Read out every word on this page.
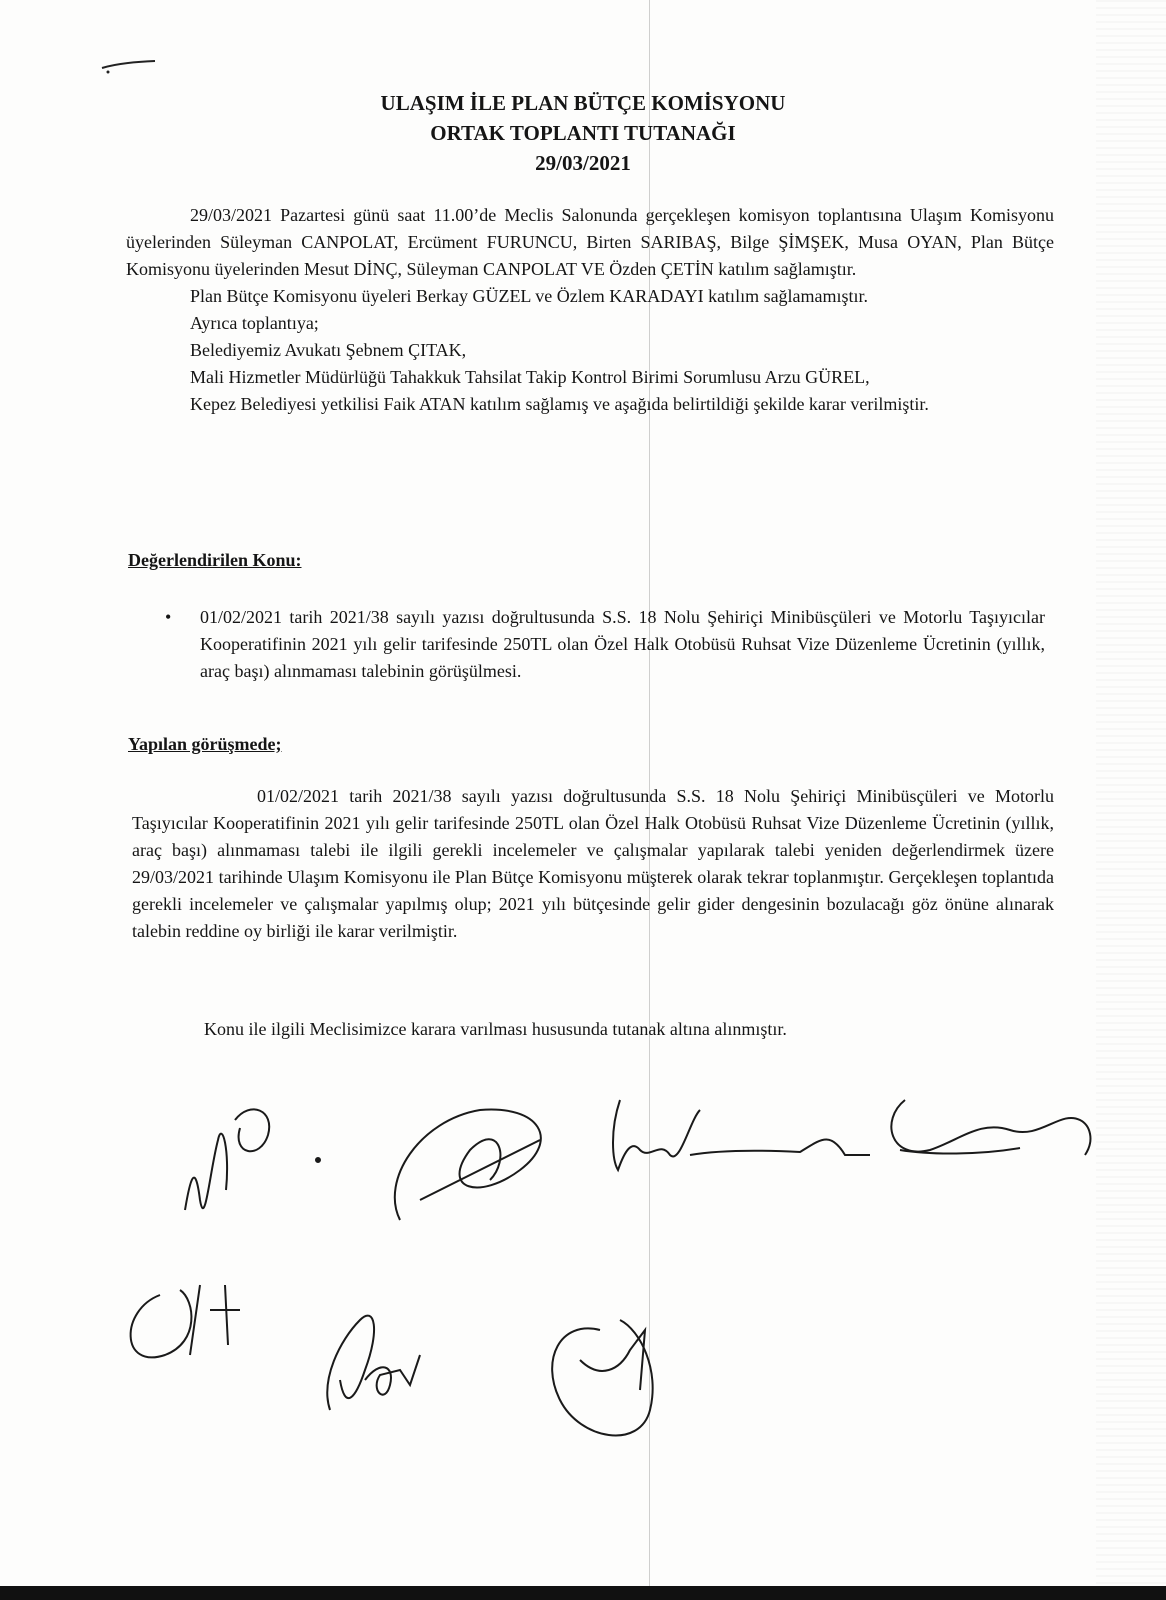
ULAŞIM İLE PLAN BÜTÇE KOMİSYONU
ORTAK TOPLANTI TUTANAĞI
29/03/2021

29/03/2021 Pazartesi günü saat 11.00’de Meclis Salonunda gerçekleşen komisyon toplantısına Ulaşım Komisyonu üyelerinden Süleyman CANPOLAT, Ercüment FURUNCU, Birten SARIBAŞ, Bilge ŞİMŞEK, Musa OYAN, Plan Bütçe Komisyonu üyelerinden Mesut DİNÇ, Süleyman CANPOLAT VE Özden ÇETİN katılım sağlamıştır.

Plan Bütçe Komisyonu üyeleri Berkay GÜZEL ve Özlem KARADAYI katılım sağlamamıştır.

Ayrıca toplantıya;

Belediyemiz Avukatı Şebnem ÇITAK,

Mali Hizmetler Müdürlüğü Tahakkuk Tahsilat Takip Kontrol Birimi Sorumlusu Arzu GÜREL,

Kepez Belediyesi yetkilisi Faik ATAN katılım sağlamış ve aşağıda belirtildiği şekilde karar verilmiştir.

Değerlendirilen Konu:
•	01/02/2021 tarih 2021/38 sayılı yazısı doğrultusunda S.S. 18 Nolu Şehiriçi Minibüsçüleri ve Motorlu Taşıyıcılar Kooperatifinin 2021 yılı gelir tarifesinde 250TL olan Özel Halk Otobüsü Ruhsat Vize Düzenleme Ücretinin (yıllık, araç başı) alınmaması talebinin görüşülmesi.
Yapılan görüşmede;
01/02/2021 tarih 2021/38 sayılı yazısı doğrultusunda S.S. 18 Nolu Şehiriçi Minibüsçüleri ve Motorlu Taşıyıcılar Kooperatifinin 2021 yılı gelir tarifesinde 250TL olan Özel Halk Otobüsü Ruhsat Vize Düzenleme Ücretinin (yıllık, araç başı) alınmaması talebi ile ilgili gerekli incelemeler ve çalışmalar yapılarak talebi yeniden değerlendirmek üzere 29/03/2021 tarihinde Ulaşım Komisyonu ile Plan Bütçe Komisyonu müşterek olarak tekrar toplanmıştır. Gerçekleşen toplantıda gerekli incelemeler ve çalışmalar yapılmış olup; 2021 yılı bütçesinde gelir gider dengesinin bozulacağı göz önüne alınarak talebin reddine oy birliği ile karar verilmiştir.
Konu ile ilgili Meclisimizce karara varılması hususunda tutanak altına alınmıştır.
